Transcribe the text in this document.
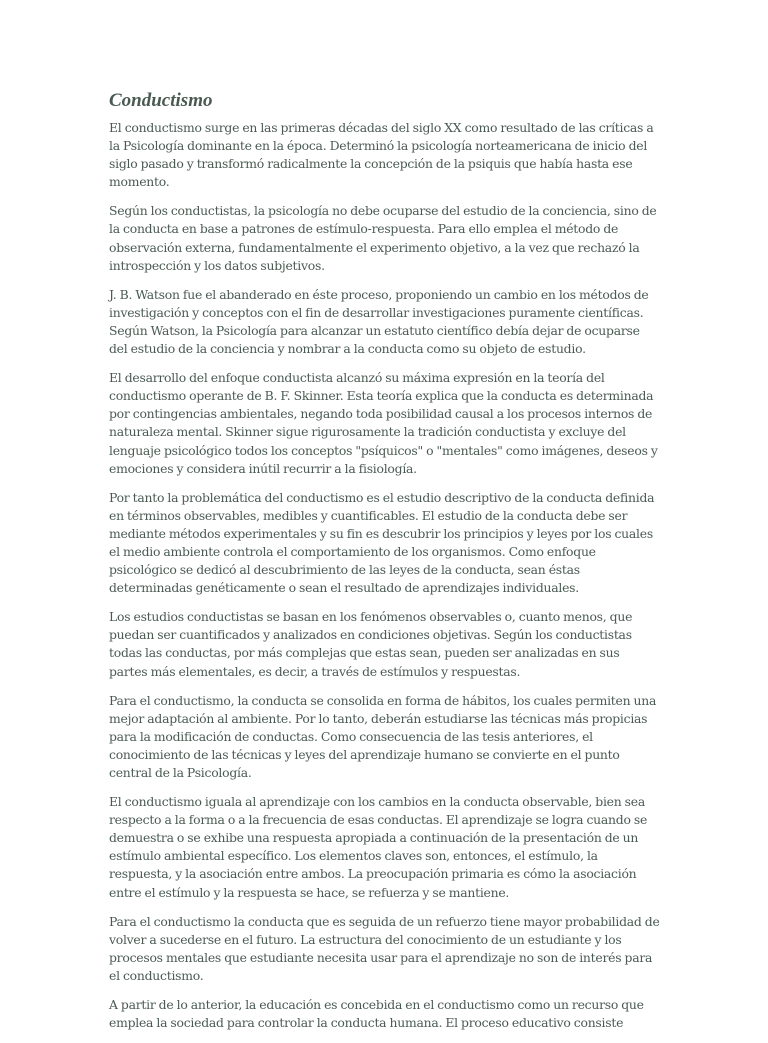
Conductismo

El conductismo surge en las primeras décadas del siglo XX como resultado de las críticas a la Psicología dominante en la época. Determinó la psicología norteamericana de inicio del siglo pasado y transformó radicalmente la concepción de la psiquis que había hasta ese momento.

Según los conductistas, la psicología no debe ocuparse del estudio de la conciencia, sino de la conducta en base a patrones de estímulo-respuesta. Para ello emplea el método de observación externa, fundamentalmente el experimento objetivo, a la vez que rechazó la introspección y los datos subjetivos.

J. B. Watson fue el abanderado en éste proceso, proponiendo un cambio en los métodos de investigación y conceptos con el fin de desarrollar investigaciones puramente científicas. Según Watson, la Psicología para alcanzar un estatuto científico debía dejar de ocuparse del estudio de la conciencia y nombrar a la conducta como su objeto de estudio.

El desarrollo del enfoque conductista alcanzó su máxima expresión en la teoría del conductismo operante de B. F. Skinner. Esta teoría explica que la conducta es determinada por contingencias ambientales, negando toda posibilidad causal a los procesos internos de naturaleza mental. Skinner sigue rigurosamente la tradición conductista y excluye del lenguaje psicológico todos los conceptos "psíquicos" o "mentales" como imágenes, deseos y emociones y considera inútil recurrir a la fisiología.

Por tanto la problemática del conductismo es el estudio descriptivo de la conducta definida en términos observables, medibles y cuantificables. El estudio de la conducta debe ser mediante métodos experimentales y su fin es descubrir los principios y leyes por los cuales el medio ambiente controla el comportamiento de los organismos. Como enfoque psicológico se dedicó al descubrimiento de las leyes de la conducta, sean éstas determinadas genéticamente o sean el resultado de aprendizajes individuales.

Los estudios conductistas se basan en los fenómenos observables o, cuanto menos, que puedan ser cuantificados y analizados en condiciones objetivas. Según los conductistas todas las conductas, por más complejas que estas sean, pueden ser analizadas en sus partes más elementales, es decir, a través de estímulos y respuestas.

Para el conductismo, la conducta se consolida en forma de hábitos, los cuales permiten una mejor adaptación al ambiente. Por lo tanto, deberán estudiarse las técnicas más propicias para la modificación de conductas. Como consecuencia de las tesis anteriores, el conocimiento de las técnicas y leyes del aprendizaje humano se convierte en el punto central de la Psicología.

El conductismo iguala al aprendizaje con los cambios en la conducta observable, bien sea respecto a la forma o a la frecuencia de esas conductas. El aprendizaje se logra cuando se demuestra o se exhibe una respuesta apropiada a continuación de la presentación de un estímulo ambiental específico. Los elementos claves son, entonces, el estímulo, la respuesta, y la asociación entre ambos. La preocupación primaria es cómo la asociación entre el estímulo y la respuesta se hace, se refuerza y se mantiene.

Para el conductismo la conducta que es seguida de un refuerzo tiene mayor probabilidad de volver a sucederse en el futuro. La estructura del conocimiento de un estudiante y los procesos mentales que estudiante necesita usar para el aprendizaje no son de interés para el conductismo.

A partir de lo anterior, la educación es concebida en el conductismo como un recurso que emplea la sociedad para controlar la conducta humana. El proceso educativo consiste
